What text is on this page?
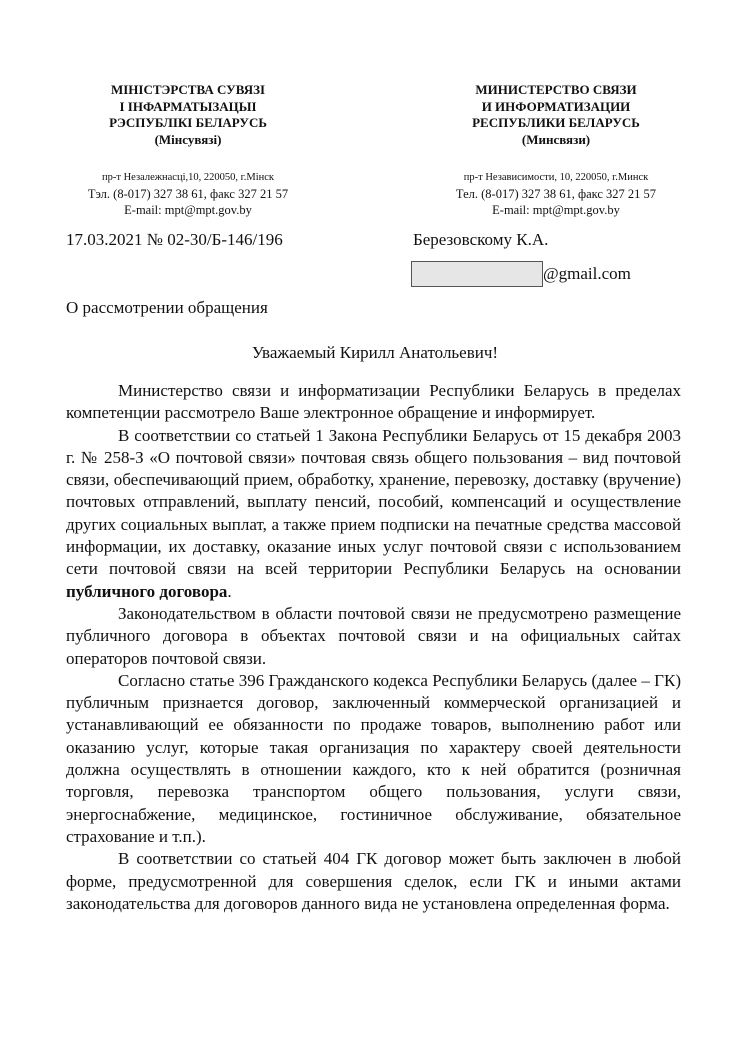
МІНІСТЭРСТВА СУВЯЗІ
І ІНФАРМАТЫЗАЦЫІ
РЭСПУБЛІКІ БЕЛАРУСЬ
(Мінсувязі)
МИНИСТЕРСТВО СВЯЗИ
И ИНФОРМАТИЗАЦИИ
РЕСПУБЛИКИ БЕЛАРУСЬ
(Минсвязи)
пр-т Незалежнасці,10, 220050, г.Мінск
Тэл. (8-017) 327 38 61, факс 327 21 57
E-mail: mpt@mpt.gov.by
пр-т Независимости, 10, 220050, г.Минск
Тел. (8-017) 327 38 61, факс 327 21 57
E-mail: mpt@mpt.gov.by
17.03.2021 № 02-30/Б-146/196	Березовскому К.А.
@gmail.com
О рассмотрении обращения
Уважаемый Кирилл Анатольевич!

Министерство связи и информатизации Республики Беларусь в пределах компетенции рассмотрело Ваше электронное обращение и информирует.

В соответствии со статьей 1 Закона Республики Беларусь от 15 декабря 2003 г. № 258-З «О почтовой связи» почтовая связь общего пользования – вид почтовой связи, обеспечивающий прием, обработку, хранение, перевозку, доставку (вручение) почтовых отправлений, выплату пенсий, пособий, компенсаций и осуществление других социальных выплат, а также прием подписки на печатные средства массовой информации, их доставку, оказание иных услуг почтовой связи с использованием сети почтовой связи на всей территории Республики Беларусь на основании публичного договора.

Законодательством в области почтовой связи не предусмотрено размещение публичного договора в объектах почтовой связи и на официальных сайтах операторов почтовой связи.

Согласно статье 396 Гражданского кодекса Республики Беларусь (далее – ГК) публичным признается договор, заключенный коммерческой организацией и устанавливающий ее обязанности по продаже товаров, выполнению работ или оказанию услуг, которые такая организация по характеру своей деятельности должна осуществлять в отношении каждого, кто к ней обратится (розничная торговля, перевозка транспортом общего пользования, услуги связи, энергоснабжение, медицинское, гостиничное обслуживание, обязательное страхование и т.п.).

В соответствии со статьей 404 ГК договор может быть заключен в любой форме, предусмотренной для совершения сделок, если ГК и иными актами законодательства для договоров данного вида не установлена определенная форма.
